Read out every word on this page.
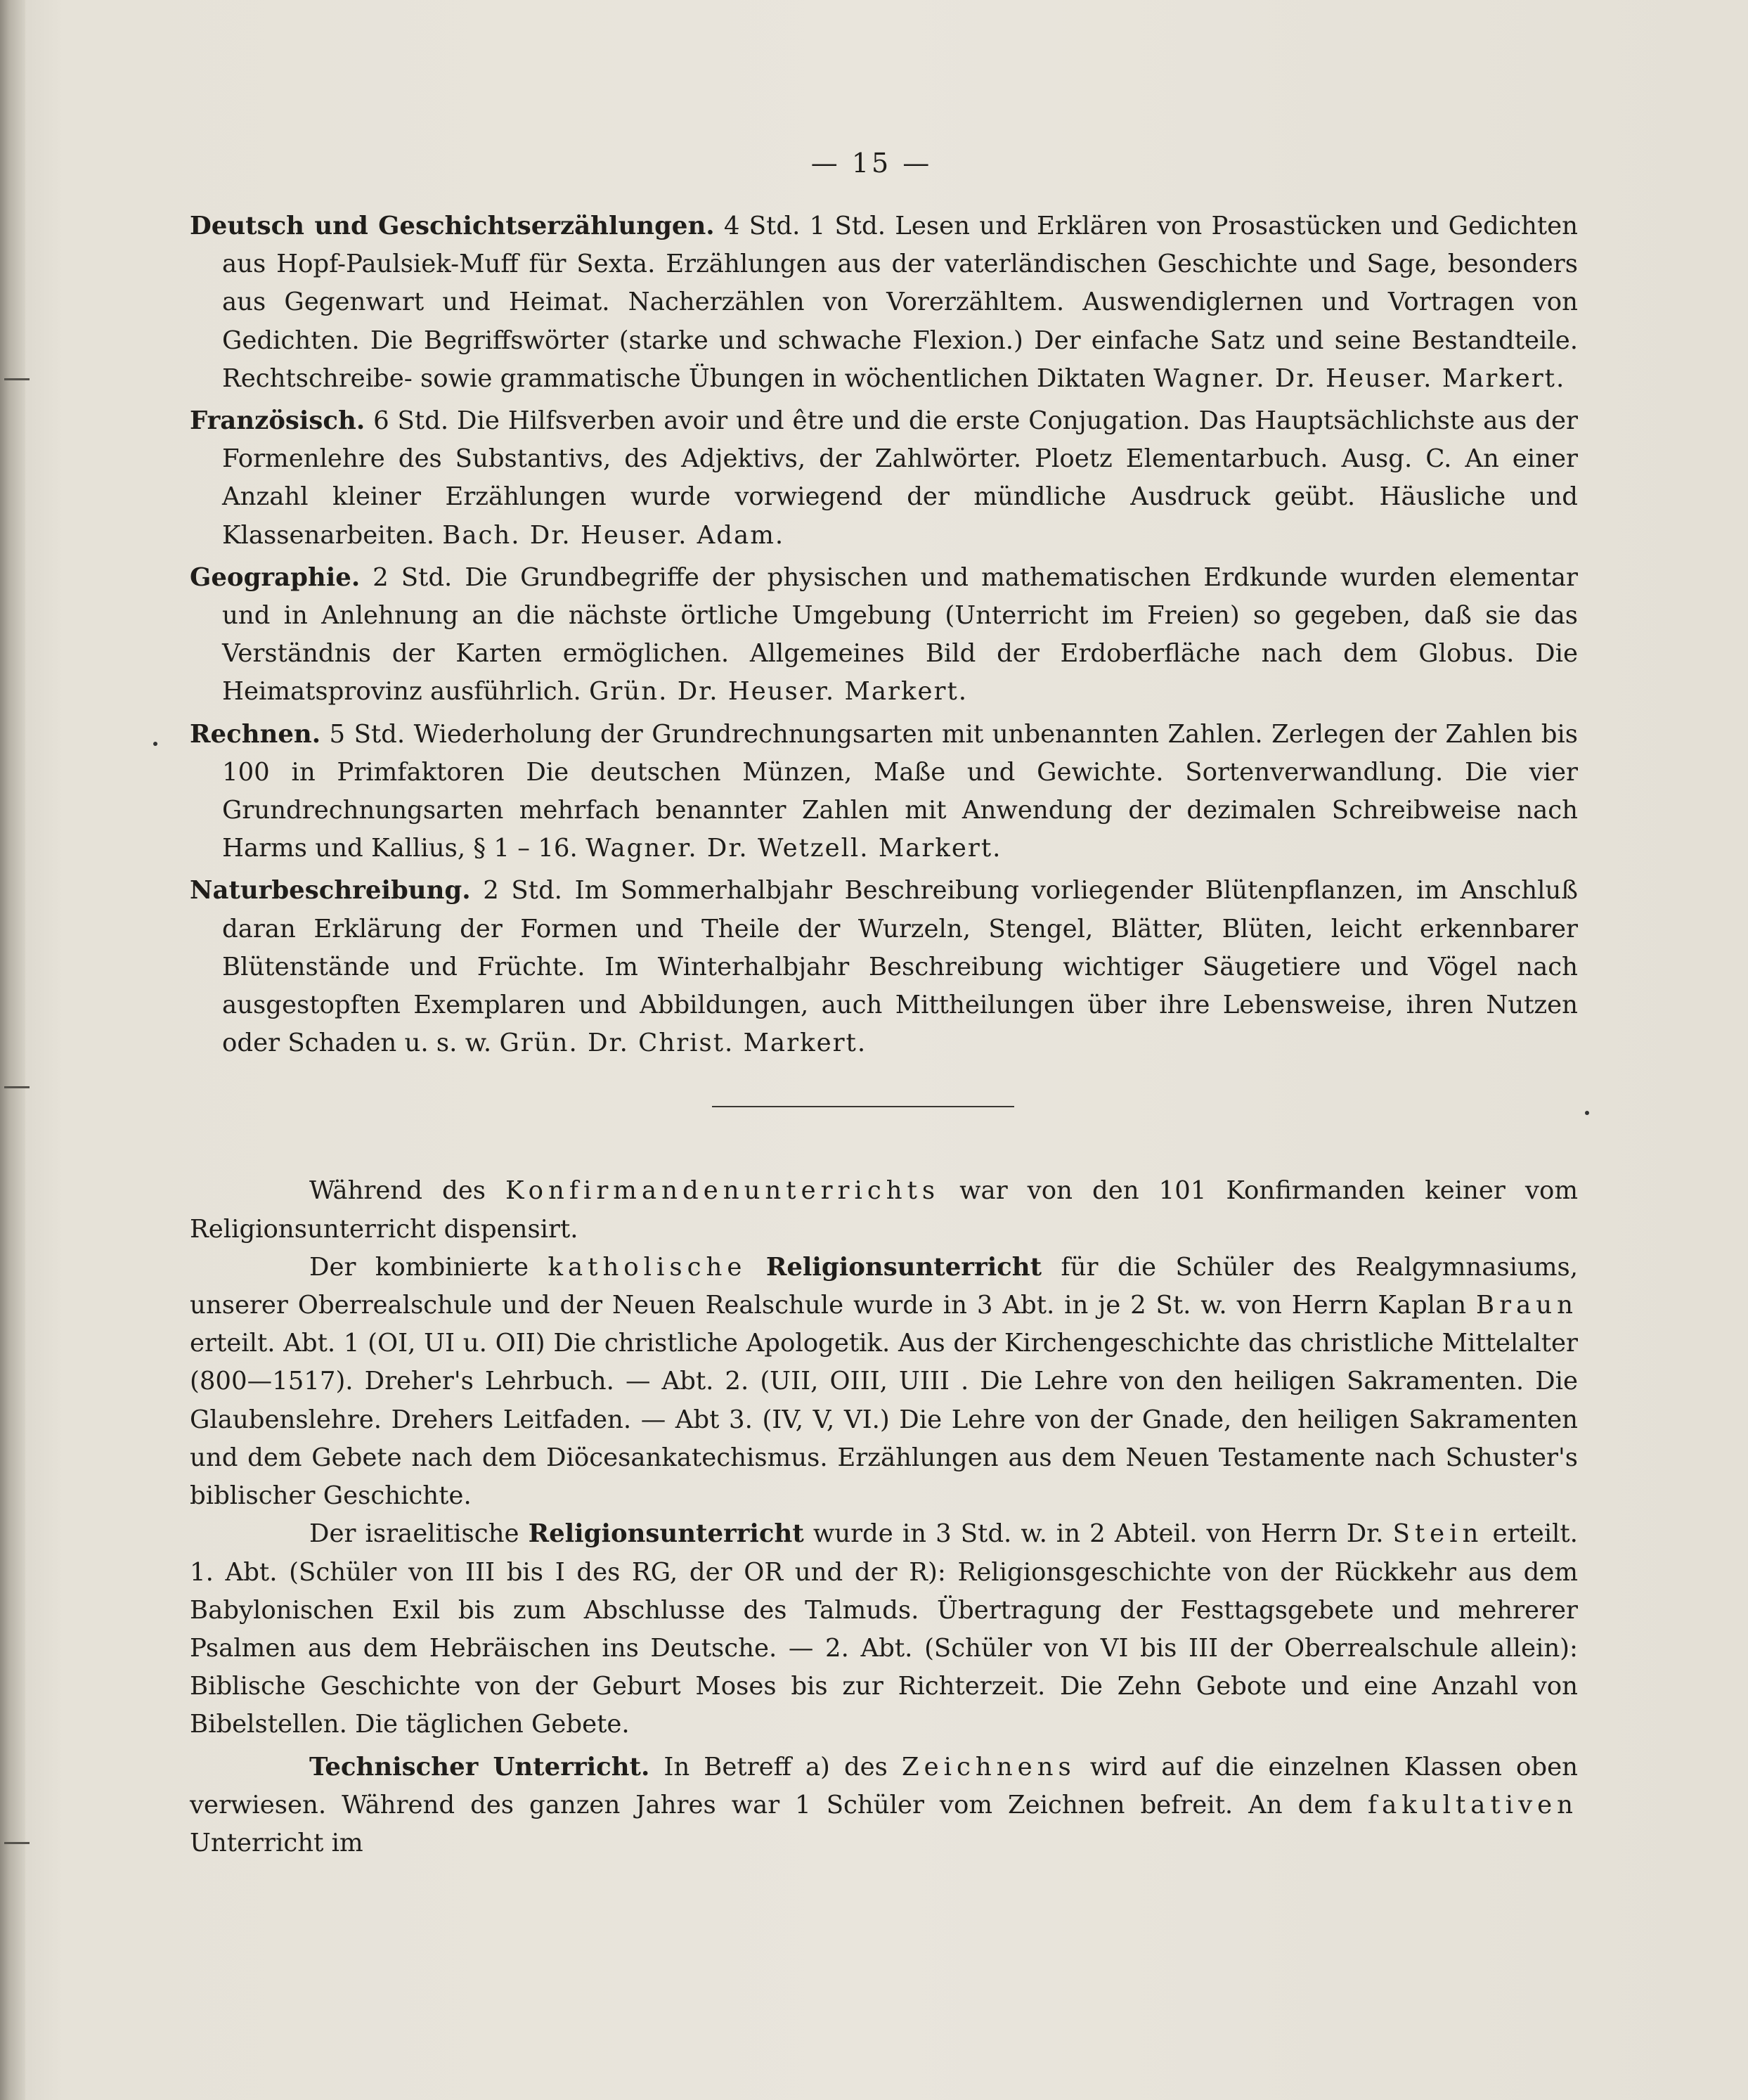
— 15 —

Deutsch und Geschichtserzählungen. 4 Std. 1 Std. Lesen und Erklären von Prosastücken und Gedichten aus Hopf-Paulsiek-Muff für Sexta. Erzählungen aus der vaterländischen Geschichte und Sage, besonders aus Gegenwart und Heimat. Nacherzählen von Vorerzähltem. Auswendiglernen und Vortragen von Gedichten. Die Begriffswörter (starke und schwache Flexion.) Der einfache Satz und seine Bestandteile. Rechtschreibe- sowie grammatische Übungen in wöchentlichen Diktaten Wagner. Dr. Heuser. Markert.

Französisch. 6 Std. Die Hilfsverben avoir und être und die erste Conjugation. Das Hauptsächlichste aus der Formenlehre des Substantivs, des Adjektivs, der Zahlwörter. Ploetz Elementarbuch. Ausg. C. An einer Anzahl kleiner Erzählungen wurde vorwiegend der mündliche Ausdruck geübt. Häusliche und Klassenarbeiten. Bach. Dr. Heuser. Adam.

Geographie. 2 Std. Die Grundbegriffe der physischen und mathematischen Erdkunde wurden elementar und in Anlehnung an die nächste örtliche Umgebung (Unterricht im Freien) so gegeben, daß sie das Verständnis der Karten ermöglichen. Allgemeines Bild der Erdoberfläche nach dem Globus. Die Heimatsprovinz ausführlich. Grün. Dr. Heuser. Markert.

Rechnen. 5 Std. Wiederholung der Grundrechnungsarten mit unbenannten Zahlen. Zerlegen der Zahlen bis 100 in Primfaktoren Die deutschen Münzen, Maße und Gewichte. Sortenverwandlung. Die vier Grundrechnungsarten mehrfach benannter Zahlen mit Anwendung der dezimalen Schreibweise nach Harms und Kallius, § 1 – 16. Wagner. Dr. Wetzell. Markert.

Naturbeschreibung. 2 Std. Im Sommerhalbjahr Beschreibung vorliegender Blütenpflanzen, im Anschluß daran Erklärung der Formen und Theile der Wurzeln, Stengel, Blätter, Blüten, leicht erkennbarer Blütenstände und Früchte. Im Winterhalbjahr Beschreibung wichtiger Säugetiere und Vögel nach ausgestopften Exemplaren und Abbildungen, auch Mittheilungen über ihre Lebensweise, ihren Nutzen oder Schaden u. s. w. Grün. Dr. Christ. Markert.

Während des Konfirmandenunterrichts war von den 101 Konfirmanden keiner vom Religionsunterricht dispensirt.

Der kombinierte katholische Religionsunterricht für die Schüler des Realgymnasiums, unserer Oberrealschule und der Neuen Realschule wurde in 3 Abt. in je 2 St. w. von Herrn Kaplan Braun erteilt. Abt. 1 (OI, UI u. OII) Die christliche Apologetik. Aus der Kirchengeschichte das christliche Mittelalter (800—1517). Dreher's Lehrbuch. — Abt. 2. (UII, OIII, UIII . Die Lehre von den heiligen Sakramenten. Die Glaubenslehre. Drehers Leitfaden. — Abt 3. (IV, V, VI.) Die Lehre von der Gnade, den heiligen Sakramenten und dem Gebete nach dem Diöcesankatechismus. Erzählungen aus dem Neuen Testamente nach Schuster's biblischer Geschichte.

Der israelitische Religionsunterricht wurde in 3 Std. w. in 2 Abteil. von Herrn Dr. Stein erteilt. 1. Abt. (Schüler von III bis I des RG, der OR und der R): Religionsgeschichte von der Rückkehr aus dem Babylonischen Exil bis zum Abschlusse des Talmuds. Übertragung der Festtagsgebete und mehrerer Psalmen aus dem Hebräischen ins Deutsche. — 2. Abt. (Schüler von VI bis III der Oberrealschule allein): Biblische Geschichte von der Geburt Moses bis zur Richterzeit. Die Zehn Gebote und eine Anzahl von Bibelstellen. Die täglichen Gebete.

Technischer Unterricht. In Betreff a) des Zeichnens wird auf die einzelnen Klassen oben verwiesen. Während des ganzen Jahres war 1 Schüler vom Zeichnen befreit. An dem fakultativen Unterricht im
